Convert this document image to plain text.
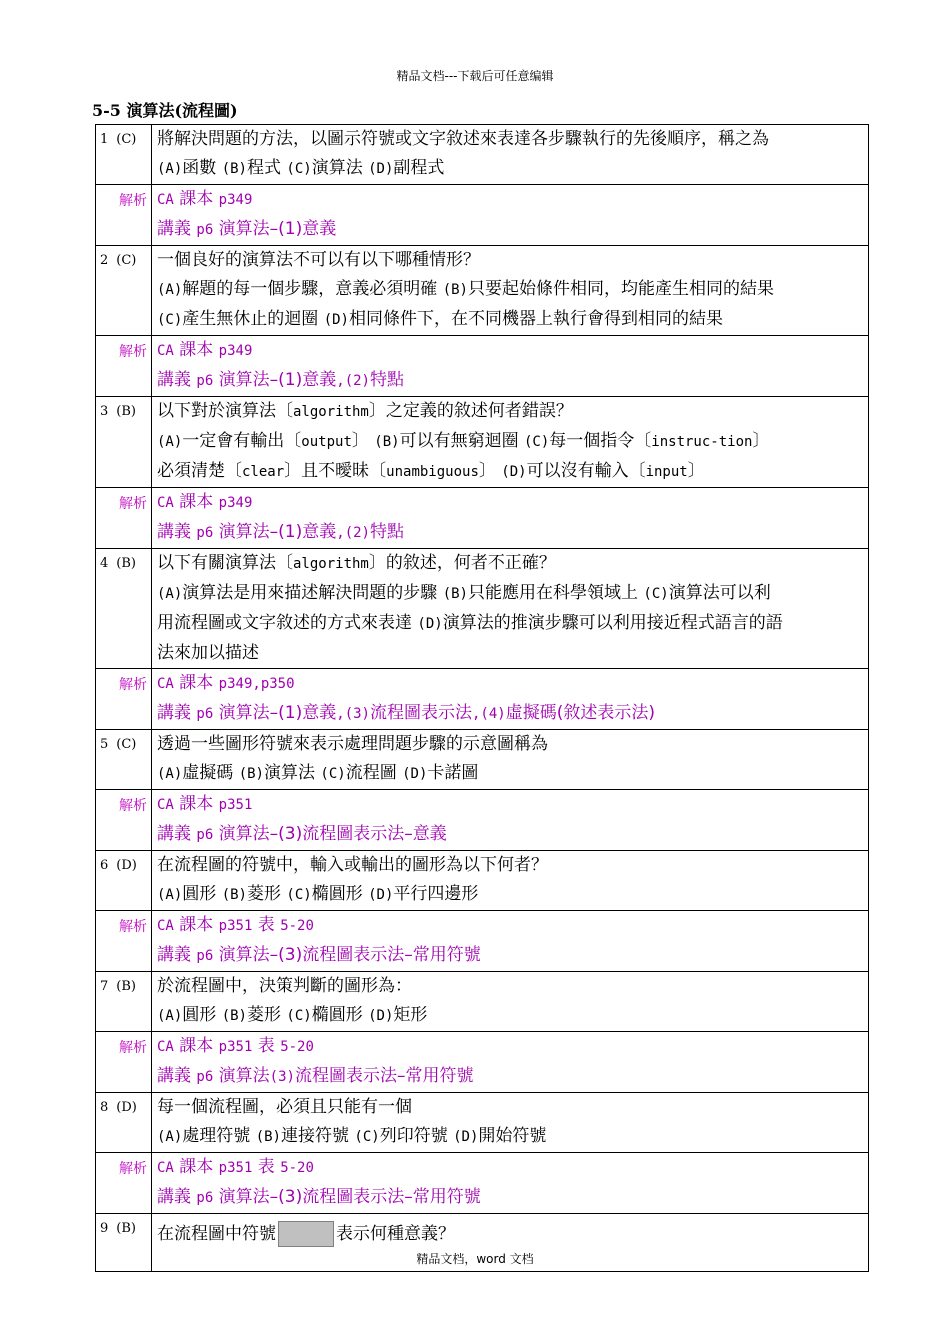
精品文档---下载后可任意编辑
5-5 演算法(流程圖)
1 (C)	將解決問題的方法，以圖示符號或文字敘述來表達各步驟執行的先後順序，稱之為
(A)函數 (B)程式 (C)演算法 (D)副程式

解析	CA 課本 p349
講義 p6 演算法–(1)意義

2 (C)	一個良好的演算法不可以有以下哪種情形？
(A)解題的每一個步驟，意義必須明確 (B)只要起始條件相同，均能產生相同的結果
(C)產生無休止的迴圈 (D)相同條件下，在不同機器上執行會得到相同的結果

解析	CA 課本 p349
講義 p6 演算法–(1)意義,(2)特點

3 (B)	以下對於演算法〔algorithm〕之定義的敘述何者錯誤？
(A)一定會有輸出〔output〕 (B)可以有無窮迴圈 (C)每一個指令〔instruc-tion〕
必須清楚〔clear〕且不曖昧〔unambiguous〕 (D)可以沒有輸入〔input〕

解析	CA 課本 p349
講義 p6 演算法–(1)意義,(2)特點

4 (B)	以下有關演算法〔algorithm〕的敘述，何者不正確？
(A)演算法是用來描述解決問題的步驟 (B)只能應用在科學領域上 (C)演算法可以利
用流程圖或文字敘述的方式來表達 (D)演算法的推演步驟可以利用接近程式語言的語
法來加以描述

解析	CA 課本 p349,p350
講義 p6 演算法–(1)意義,(3)流程圖表示法,(4)虛擬碼(敘述表示法)

5 (C)	透過一些圖形符號來表示處理問題步驟的示意圖稱為
(A)虛擬碼 (B)演算法 (C)流程圖 (D)卡諾圖

解析	CA 課本 p351
講義 p6 演算法–(3)流程圖表示法–意義

6 (D)	在流程圖的符號中，輸入或輸出的圖形為以下何者？
(A)圓形 (B)菱形 (C)橢圓形 (D)平行四邊形

解析	CA 課本 p351 表 5-20
講義 p6 演算法–(3)流程圖表示法–常用符號

7 (B)	於流程圖中，決策判斷的圖形為：
(A)圓形 (B)菱形 (C)橢圓形 (D)矩形

解析	CA 課本 p351 表 5-20
講義 p6 演算法(3)流程圖表示法–常用符號

8 (D)	每一個流程圖，必須且只能有一個
(A)處理符號 (B)連接符號 (C)列印符號 (D)開始符號

解析	CA 課本 p351 表 5-20
講義 p6 演算法–(3)流程圖表示法–常用符號

9 (B)	在流程圖中符號 表示何種意義？
精品文档，word 文档
